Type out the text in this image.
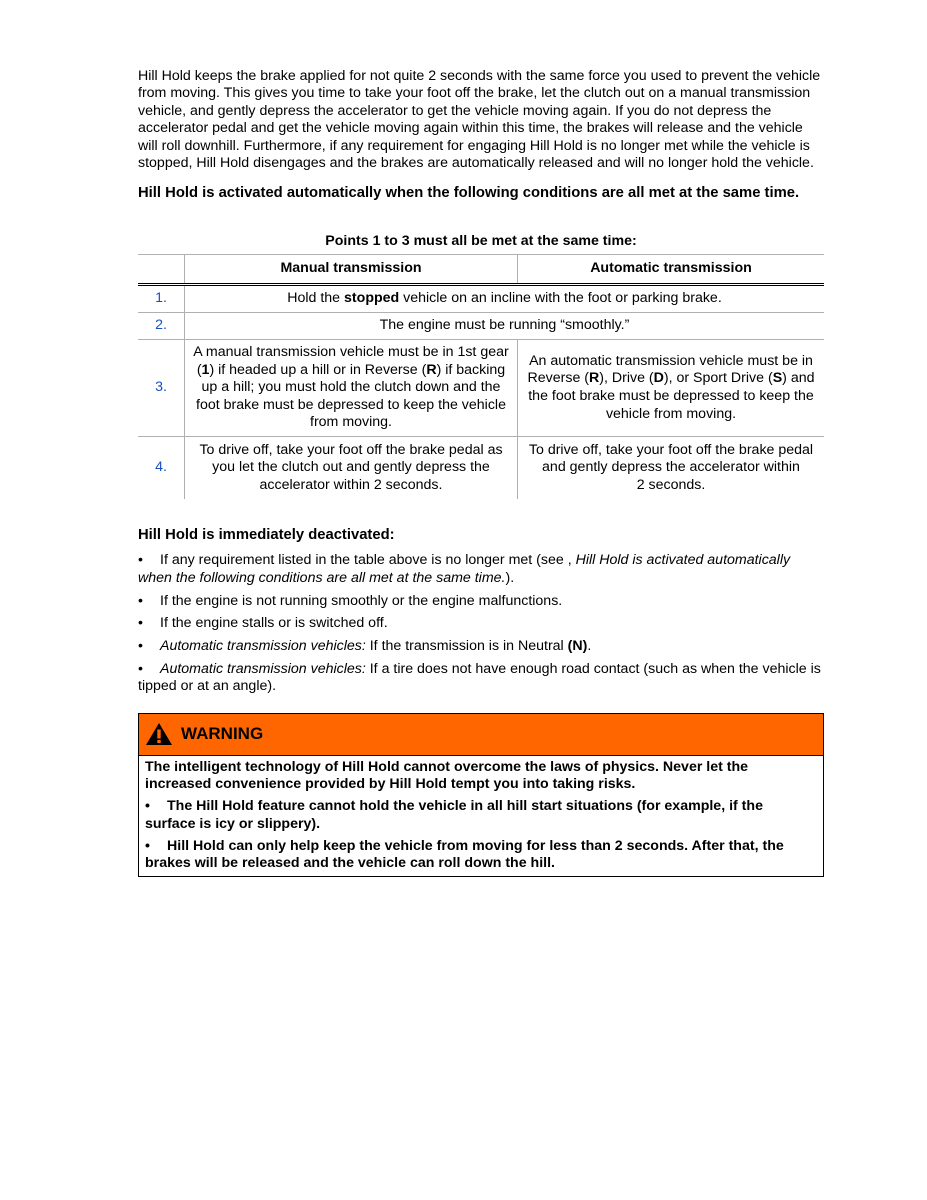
Hill Hold keeps the brake applied for not quite 2 seconds with the same force you used to prevent the vehicle from moving. This gives you time to take your foot off the brake, let the clutch out on a manual transmission vehicle, and gently depress the accelerator to get the vehicle moving again. If you do not depress the accelerator pedal and get the vehicle moving again within this time, the brakes will release and the vehicle will roll downhill. Furthermore, if any requirement for engaging Hill Hold is no longer met while the vehicle is stopped, Hill Hold disengages and the brakes are automatically released and will no longer hold the vehicle.

Hill Hold is activated automatically when the following conditions are all met at the same time.

Points 1 to 3 must all be met at the same time:
	Manual transmission	Automatic transmission
1.	Hold the stopped vehicle on an incline with the foot or parking brake.	
2.	The engine must be running “smoothly.”	
3.	A manual transmission vehicle must be in 1st gear (1) if headed up a hill or in Reverse (R) if backing up a hill; you must hold the clutch down and the foot brake must be depressed to keep the vehicle from moving.	An automatic transmission vehicle must be in Reverse (R), Drive (D), or Sport Drive (S) and the foot brake must be depressed to keep the vehicle from moving.
4.	To drive off, take your foot off the brake pedal as you let the clutch out and gently depress the accelerator within 2 seconds.	To drive off, take your foot off the brake pedal and gently depress the accelerator within
2 seconds.

Hill Hold is immediately deactivated:

• If any requirement listed in the table above is no longer met (see , Hill Hold is activated automatically when the following conditions are all met at the same time.).
• If the engine is not running smoothly or the engine malfunctions.
• If the engine stalls or is switched off.
• Automatic transmission vehicles: If the transmission is in Neutral (N).
• Automatic transmission vehicles: If a tire does not have enough road contact (such as when the vehicle is tipped or at an angle).
WARNING

The intelligent technology of Hill Hold cannot overcome the laws of physics. Never let the increased convenience provided by Hill Hold tempt you into taking risks.

• The Hill Hold feature cannot hold the vehicle in all hill start situations (for example, if the surface is icy or slippery).

• Hill Hold can only help keep the vehicle from moving for less than 2 seconds. After that, the brakes will be released and the vehicle can roll down the hill.
